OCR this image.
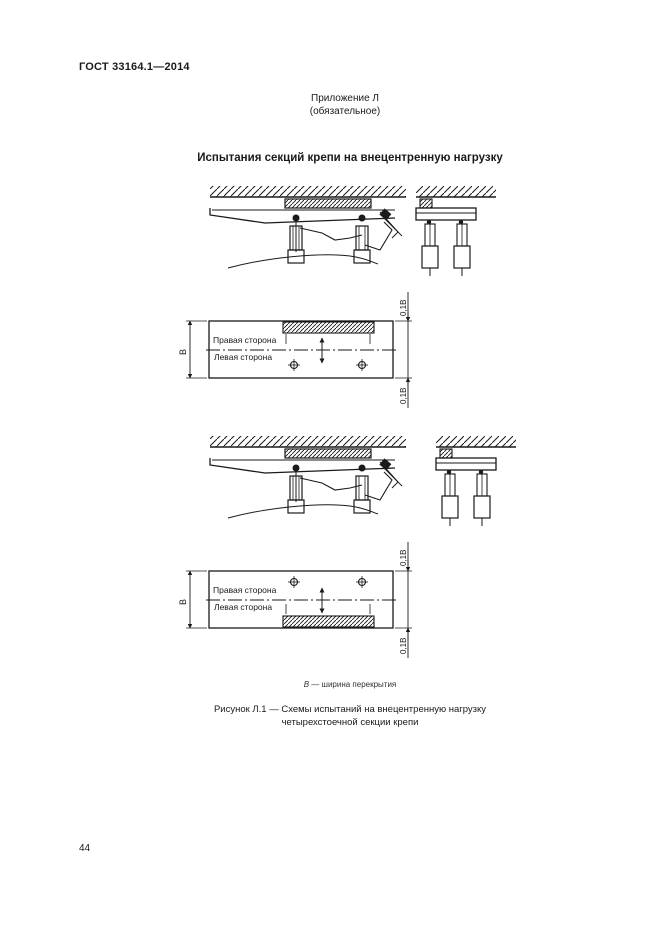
ГОСТ 33164.1—2014
Приложение Л
(обязательное)
Испытания секций крепи на внецентренную нагрузку
Правая сторона
Левая сторона
В
0,1В
0,1В
Правая сторона
Левая сторона
В
0,1В
0,1В
В — ширина перекрытия
Рисунок Л.1 — Схемы испытаний на внецентренную нагрузку
четырехстоечной секции крепи
44
